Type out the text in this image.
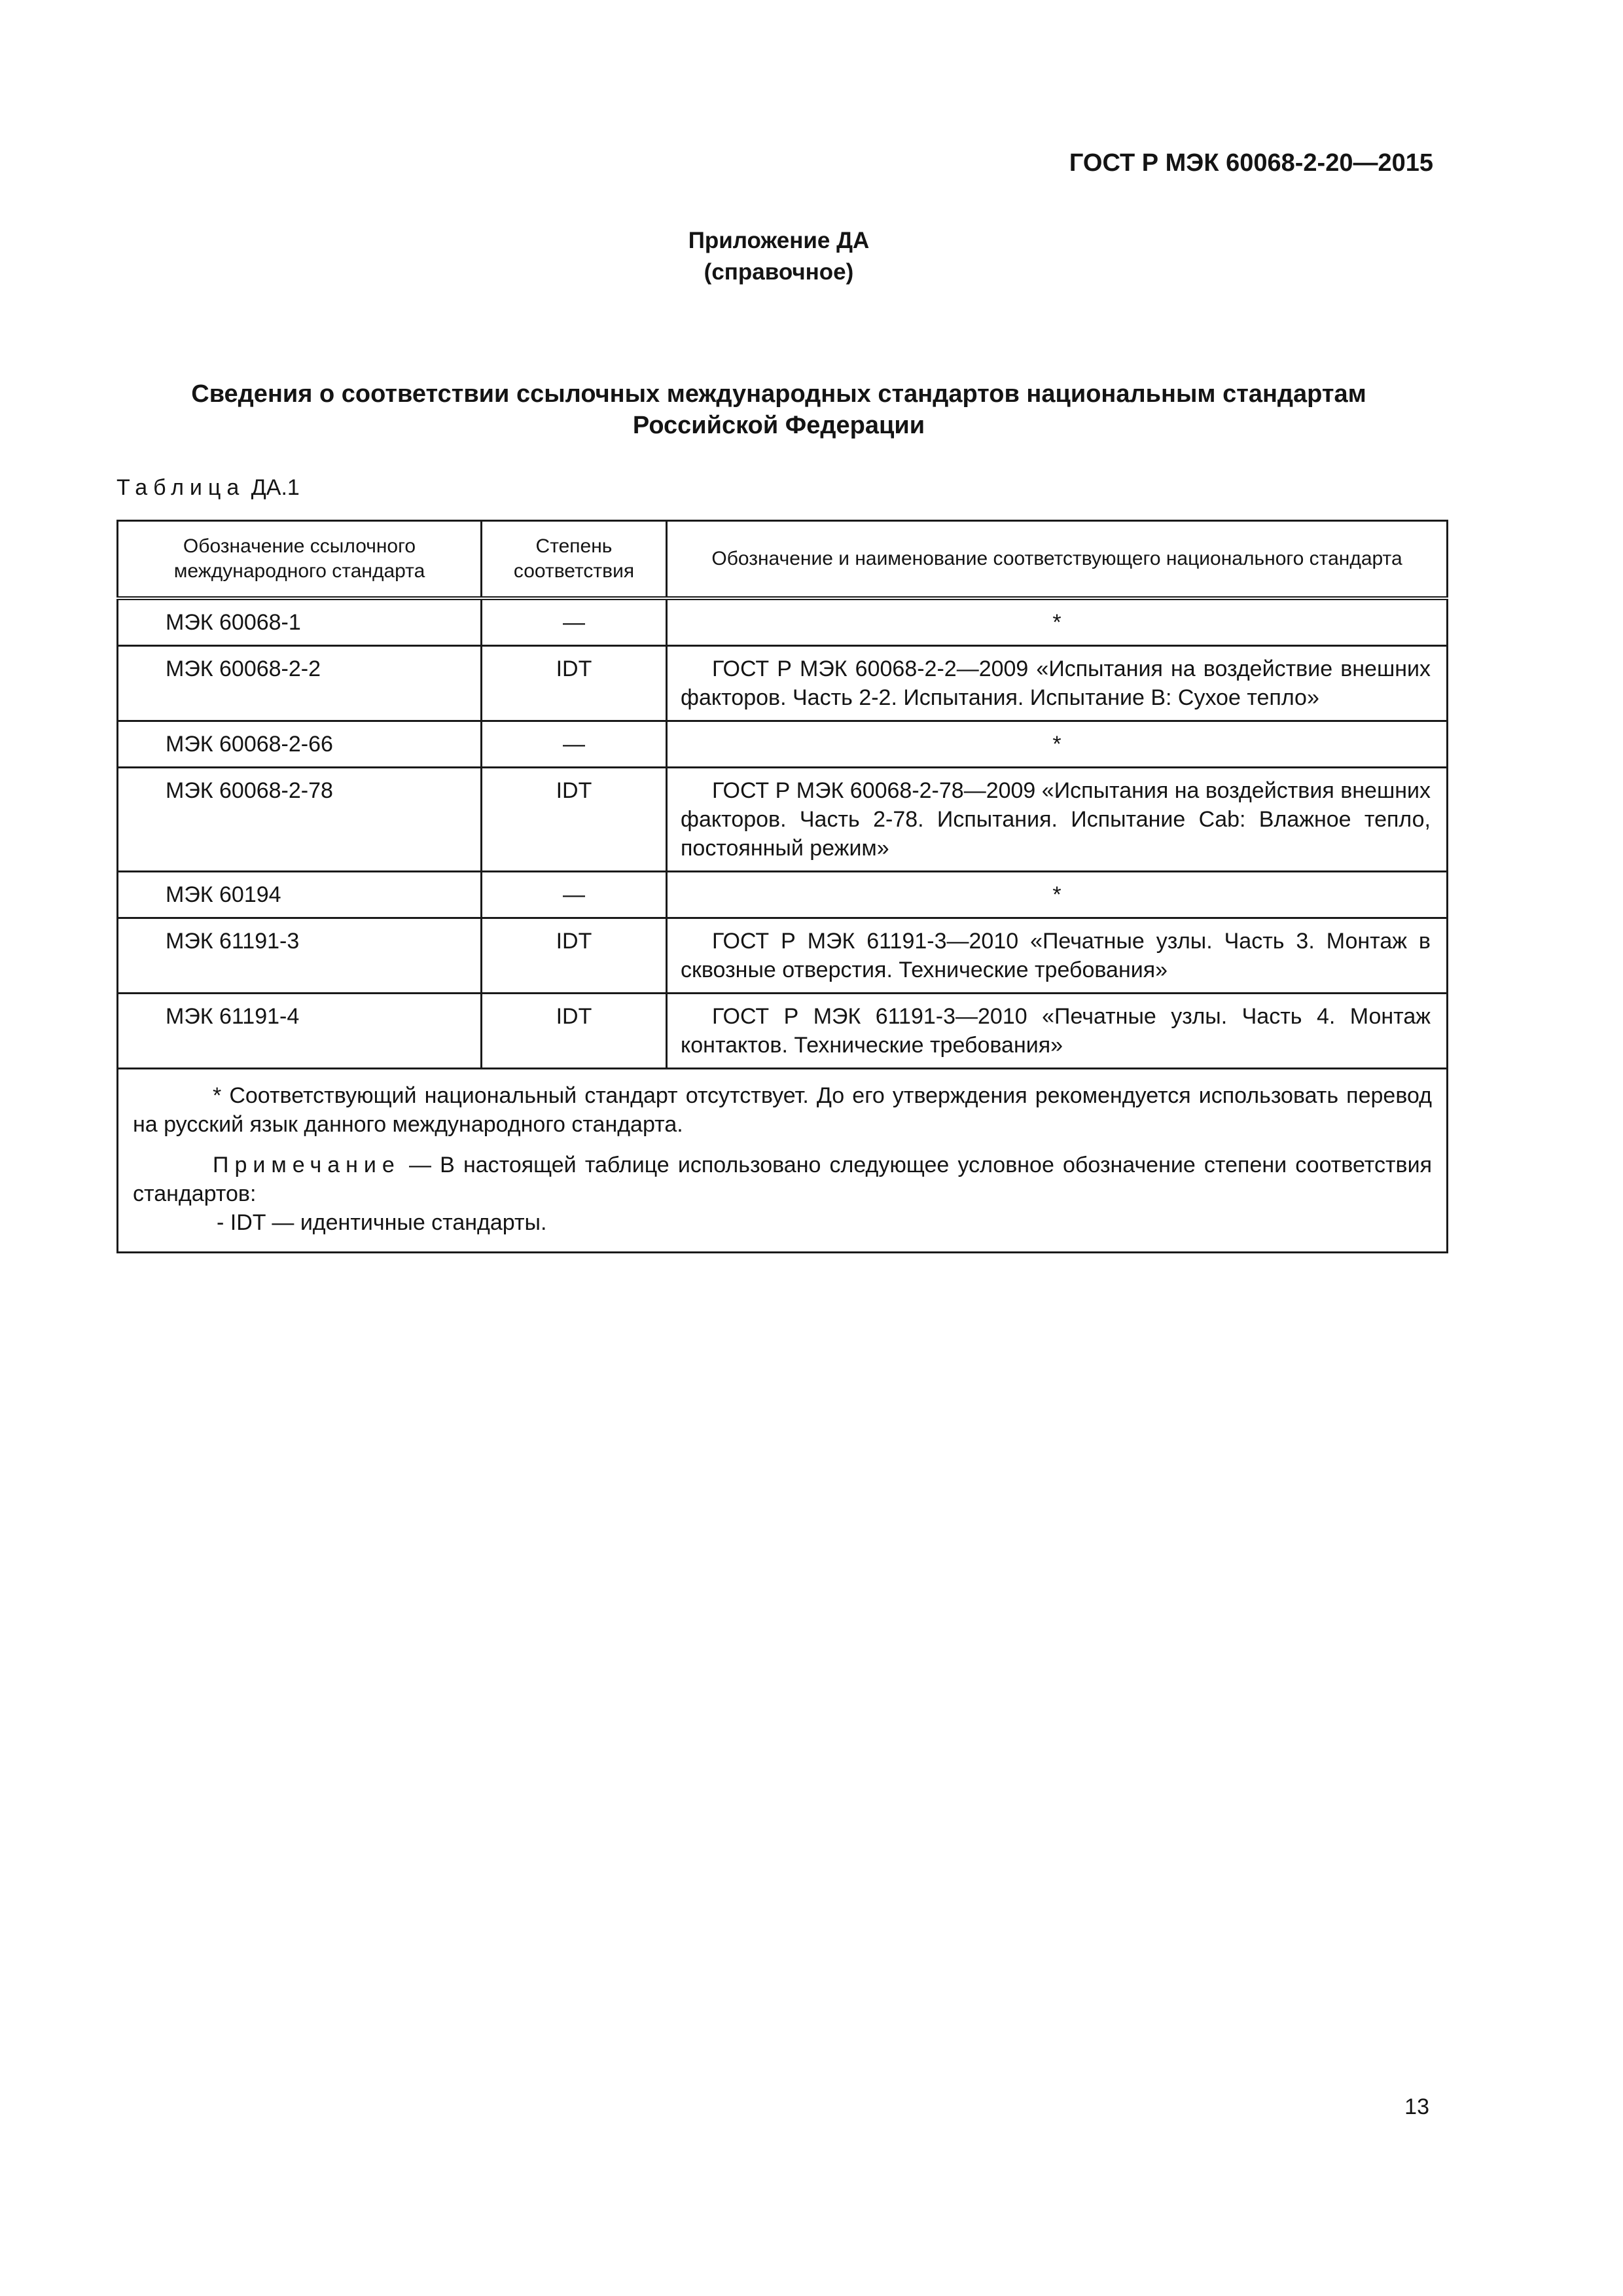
ГОСТ Р МЭК 60068-2-20—2015
Приложение ДА
(справочное)
Сведения о соответствии ссылочных международных стандартов национальным стандартам
Российской Федерации
Таблица ДА.1
Обозначение ссылочного международного стандарта	Степень соответствия	Обозначение и наименование соответствующего национального стандарта
МЭК 60068-1	—	*
МЭК 60068-2-2	IDT	ГОСТ Р МЭК 60068-2-2—2009 «Испытания на воздействие внешних факторов. Часть 2-2. Испытания. Испытание В: Сухое тепло»
МЭК 60068-2-66	—	*
МЭК 60068-2-78	IDT	ГОСТ Р МЭК 60068-2-78—2009 «Испытания на воздействия внешних факторов. Часть 2-78. Испытания. Испытание Cab: Влажное тепло, постоянный режим»
МЭК 60194	—	*
МЭК 61191-3	IDT	ГОСТ Р МЭК 61191-3—2010 «Печатные узлы. Часть 3. Монтаж в сквозные отверстия. Технические требования»
МЭК 61191-4	IDT	ГОСТ Р МЭК 61191-3—2010 «Печатные узлы. Часть 4. Монтаж контактов. Технические требования»

* Соответствующий национальный стандарт отсутствует. До его утверждения рекомендуется использовать перевод на русский язык данного международного стандарта.
Примечание — В настоящей таблице использовано следующее условное обозначение степени соответствия стандартов:
- IDT — идентичные стандарты.		
13
